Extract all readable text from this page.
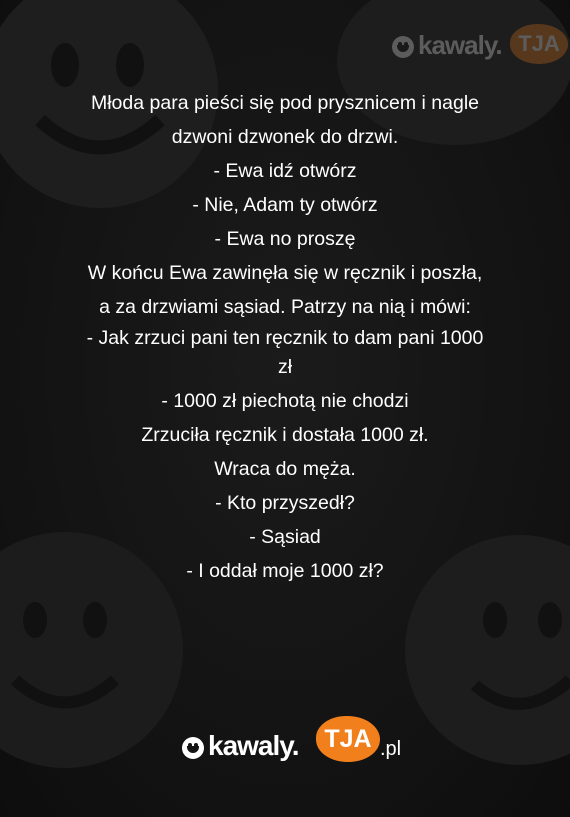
kawaly. TJA
Młoda para pieści się pod prysznicem i nagle
dzwoni dzwonek do drzwi.
- Ewa idź otwórz
- Nie, Adam ty otwórz
- Ewa no proszę
W końcu Ewa zawinęła się w ręcznik i poszła,
a za drzwiami sąsiad. Patrzy na nią i mówi:
- Jak zrzuci pani ten ręcznik to dam pani 1000
zł
- 1000 zł piechotą nie chodzi
Zrzuciła ręcznik i dostała 1000 zł.
Wraca do męża.
- Kto przyszedł?
- Sąsiad
- I oddał moje 1000 zł?
kawaly.	TJA .pl
